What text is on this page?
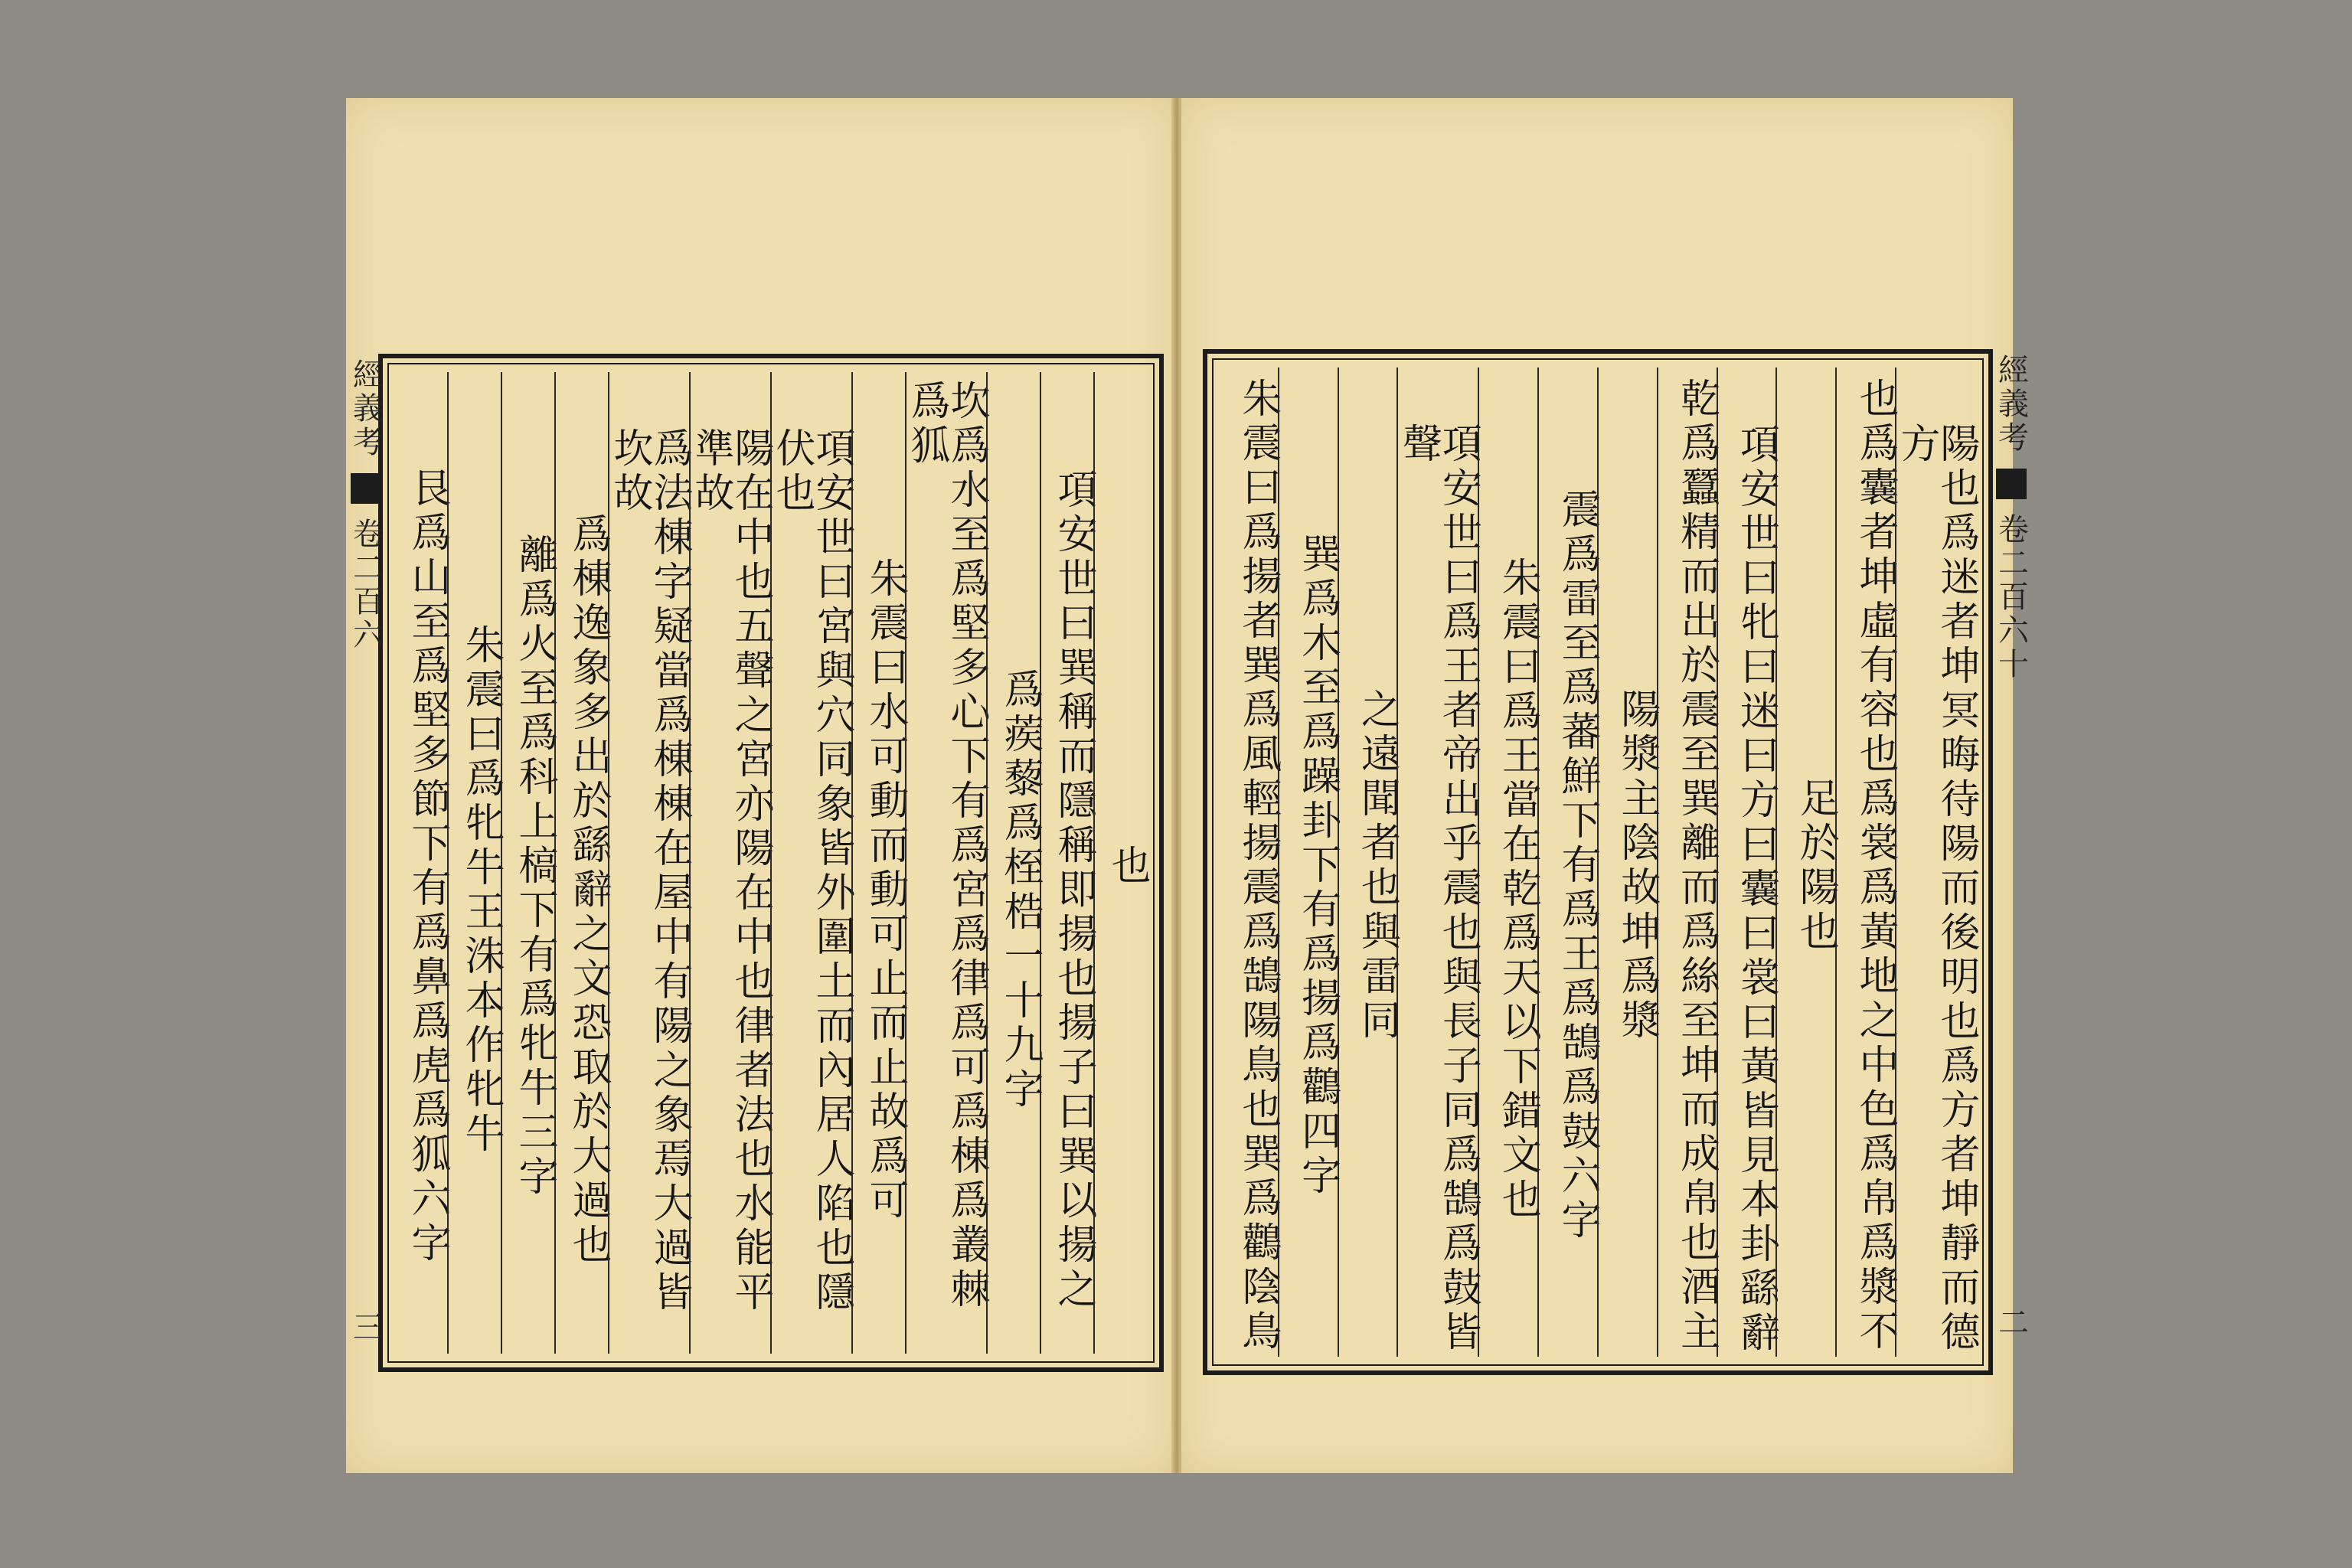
也
項安世曰巽稱而隱稱即揚也揚子曰巽以揚之
爲蒺藜爲桎梏一十九字
坎爲水至爲堅多心下有爲宮爲律爲可爲棟爲叢棘爲狐
朱震曰水可動而動可止而止故爲可
項安世曰宮與穴同象皆外圍土而內居人陷也隱伏也
陽在中也五聲之宮亦陽在中也律者法也水能平準故
爲法棟字疑當爲棟棟在屋中有陽之象焉大過皆坎故
爲棟逸象多出於繇辭之文恐取於大過也
離爲火至爲科上槁下有爲牝牛三字
朱震曰爲牝牛王洙本作牝牛
艮爲山至爲堅多節下有爲鼻爲虎爲狐六字
經義考
卷二百六
三	陽也爲迷者坤冥晦待陽而後明也爲方者坤靜而德方
也爲囊者坤虛有容也爲裳爲黃地之中色爲帛爲漿不
足於陽也
項安世曰牝曰迷曰方曰囊曰裳曰黃皆見本卦繇辭
乾爲蠶精而出於震至巽離而爲絲至坤而成帛也酒主
陽漿主陰故坤爲漿
震爲雷至爲蕃鮮下有爲王爲鵠爲鼓六字
朱震曰爲王當在乾爲天以下錯文也
項安世曰爲王者帝出乎震也與長子同爲鵠爲鼓皆聲
之遠聞者也與雷同
巽爲木至爲躁卦下有爲揚爲鸛四字
朱震曰爲揚者巽爲風輕揚震爲鵠陽鳥也巽爲鸛陰鳥	經義考
卷二百六十
二
